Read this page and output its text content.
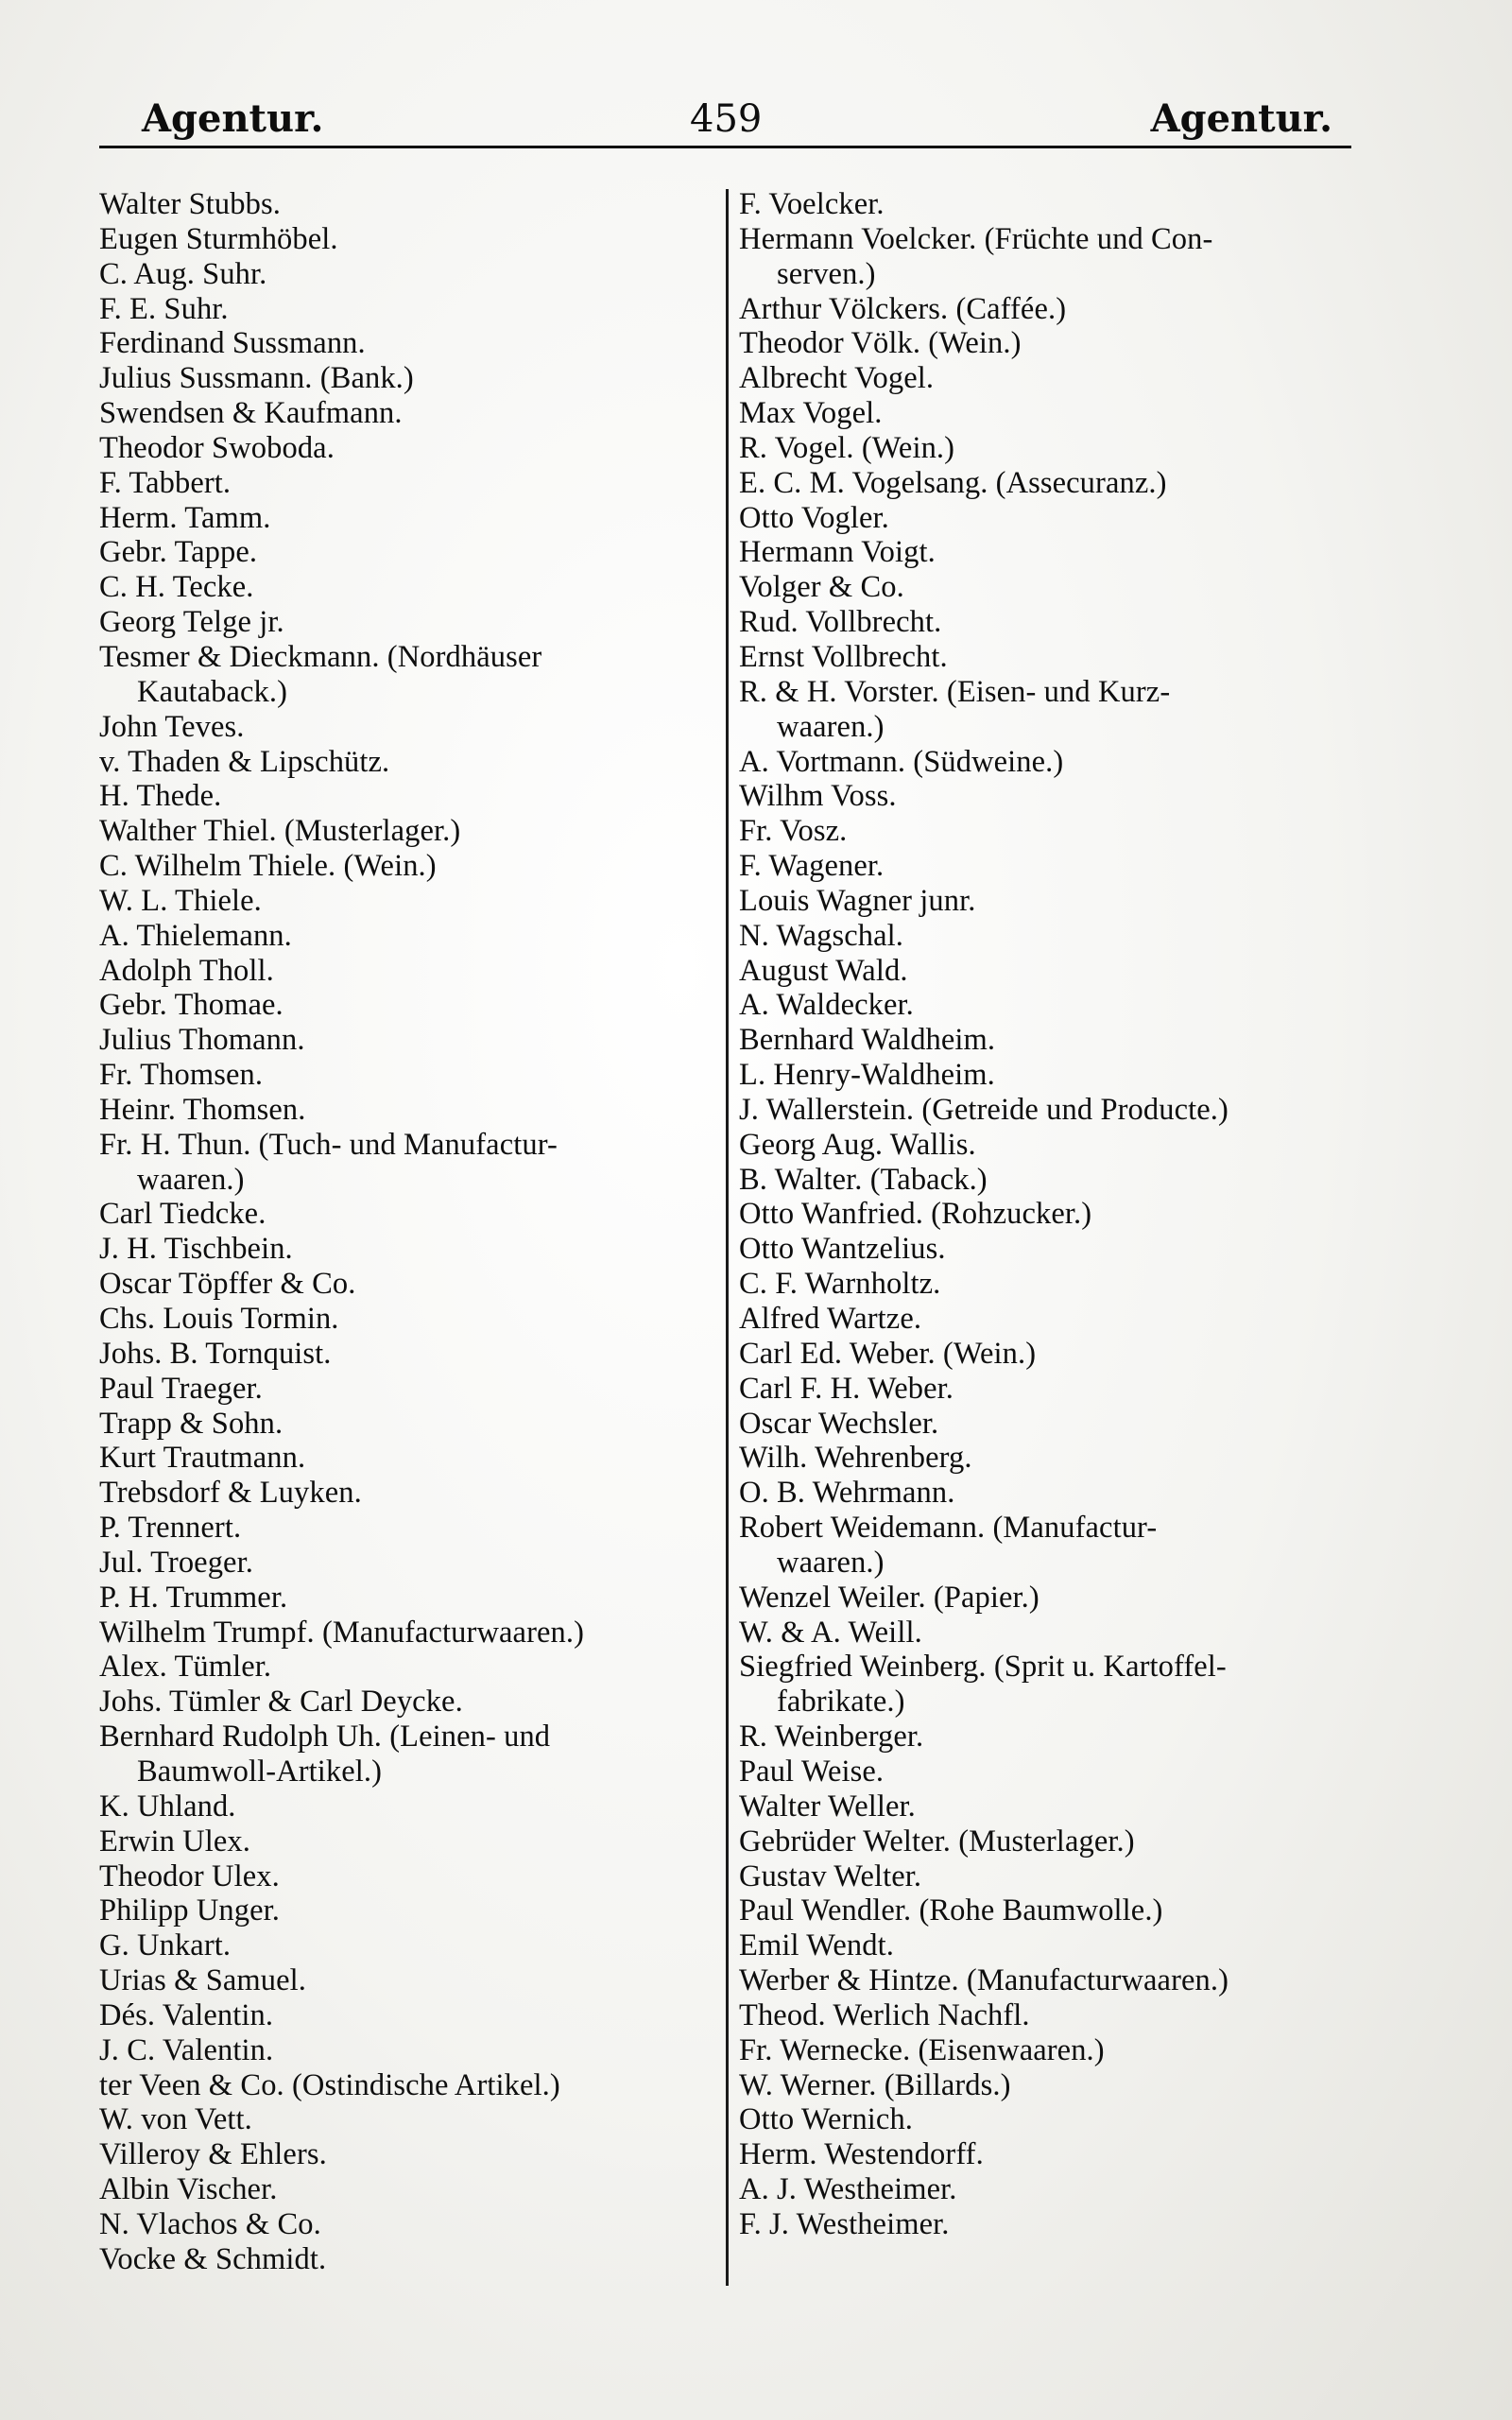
Agentur.	459	Agentur.
Walter Stubbs.
Eugen Sturmhöbel.
C. Aug. Suhr.
F. E. Suhr.
Ferdinand Sussmann.
Julius Sussmann. (Bank.)
Swendsen & Kaufmann.
Theodor Swoboda.
F. Tabbert.
Herm. Tamm.
Gebr. Tappe.
C. H. Tecke.
Georg Telge jr.
Tesmer & Dieckmann. (Nordhäuser
Kautaback.)
John Teves.
v. Thaden & Lipschütz.
H. Thede.
Walther Thiel. (Musterlager.)
C. Wilhelm Thiele. (Wein.)
W. L. Thiele.
A. Thielemann.
Adolph Tholl.
Gebr. Thomae.
Julius Thomann.
Fr. Thomsen.
Heinr. Thomsen.
Fr. H. Thun. (Tuch- und Manufactur-
waaren.)
Carl Tiedcke.
J. H. Tischbein.
Oscar Töpffer & Co.
Chs. Louis Tormin.
Johs. B. Tornquist.
Paul Traeger.
Trapp & Sohn.
Kurt Trautmann.
Trebsdorf & Luyken.
P. Trennert.
Jul. Troeger.
P. H. Trummer.
Wilhelm Trumpf. (Manufacturwaaren.)
Alex. Tümler.
Johs. Tümler & Carl Deycke.
Bernhard Rudolph Uh. (Leinen- und
Baumwoll-Artikel.)
K. Uhland.
Erwin Ulex.
Theodor Ulex.
Philipp Unger.
G. Unkart.
Urias & Samuel.
Dés. Valentin.
J. C. Valentin.
ter Veen & Co. (Ostindische Artikel.)
W. von Vett.
Villeroy & Ehlers.
Albin Vischer.
N. Vlachos & Co.
Vocke & Schmidt.
F. Voelcker.
Hermann Voelcker. (Früchte und Con-
serven.)
Arthur Völckers. (Caffée.)
Theodor Völk. (Wein.)
Albrecht Vogel.
Max Vogel.
R. Vogel. (Wein.)
E. C. M. Vogelsang. (Assecuranz.)
Otto Vogler.
Hermann Voigt.
Volger & Co.
Rud. Vollbrecht.
Ernst Vollbrecht.
R. & H. Vorster. (Eisen- und Kurz-
waaren.)
A. Vortmann. (Südweine.)
Wilhm Voss.
Fr. Vosz.
F. Wagener.
Louis Wagner junr.
N. Wagschal.
August Wald.
A. Waldecker.
Bernhard Waldheim.
L. Henry-Waldheim.
J. Wallerstein. (Getreide und Producte.)
Georg Aug. Wallis.
B. Walter. (Taback.)
Otto Wanfried. (Rohzucker.)
Otto Wantzelius.
C. F. Warnholtz.
Alfred Wartze.
Carl Ed. Weber. (Wein.)
Carl F. H. Weber.
Oscar Wechsler.
Wilh. Wehrenberg.
O. B. Wehrmann.
Robert Weidemann. (Manufactur-
waaren.)
Wenzel Weiler. (Papier.)
W. & A. Weill.
Siegfried Weinberg. (Sprit u. Kartoffel-
fabrikate.)
R. Weinberger.
Paul Weise.
Walter Weller.
Gebrüder Welter. (Musterlager.)
Gustav Welter.
Paul Wendler. (Rohe Baumwolle.)
Emil Wendt.
Werber & Hintze. (Manufacturwaaren.)
Theod. Werlich Nachfl.
Fr. Wernecke. (Eisenwaaren.)
W. Werner. (Billards.)
Otto Wernich.
Herm. Westendorff.
A. J. Westheimer.
F. J. Westheimer.
